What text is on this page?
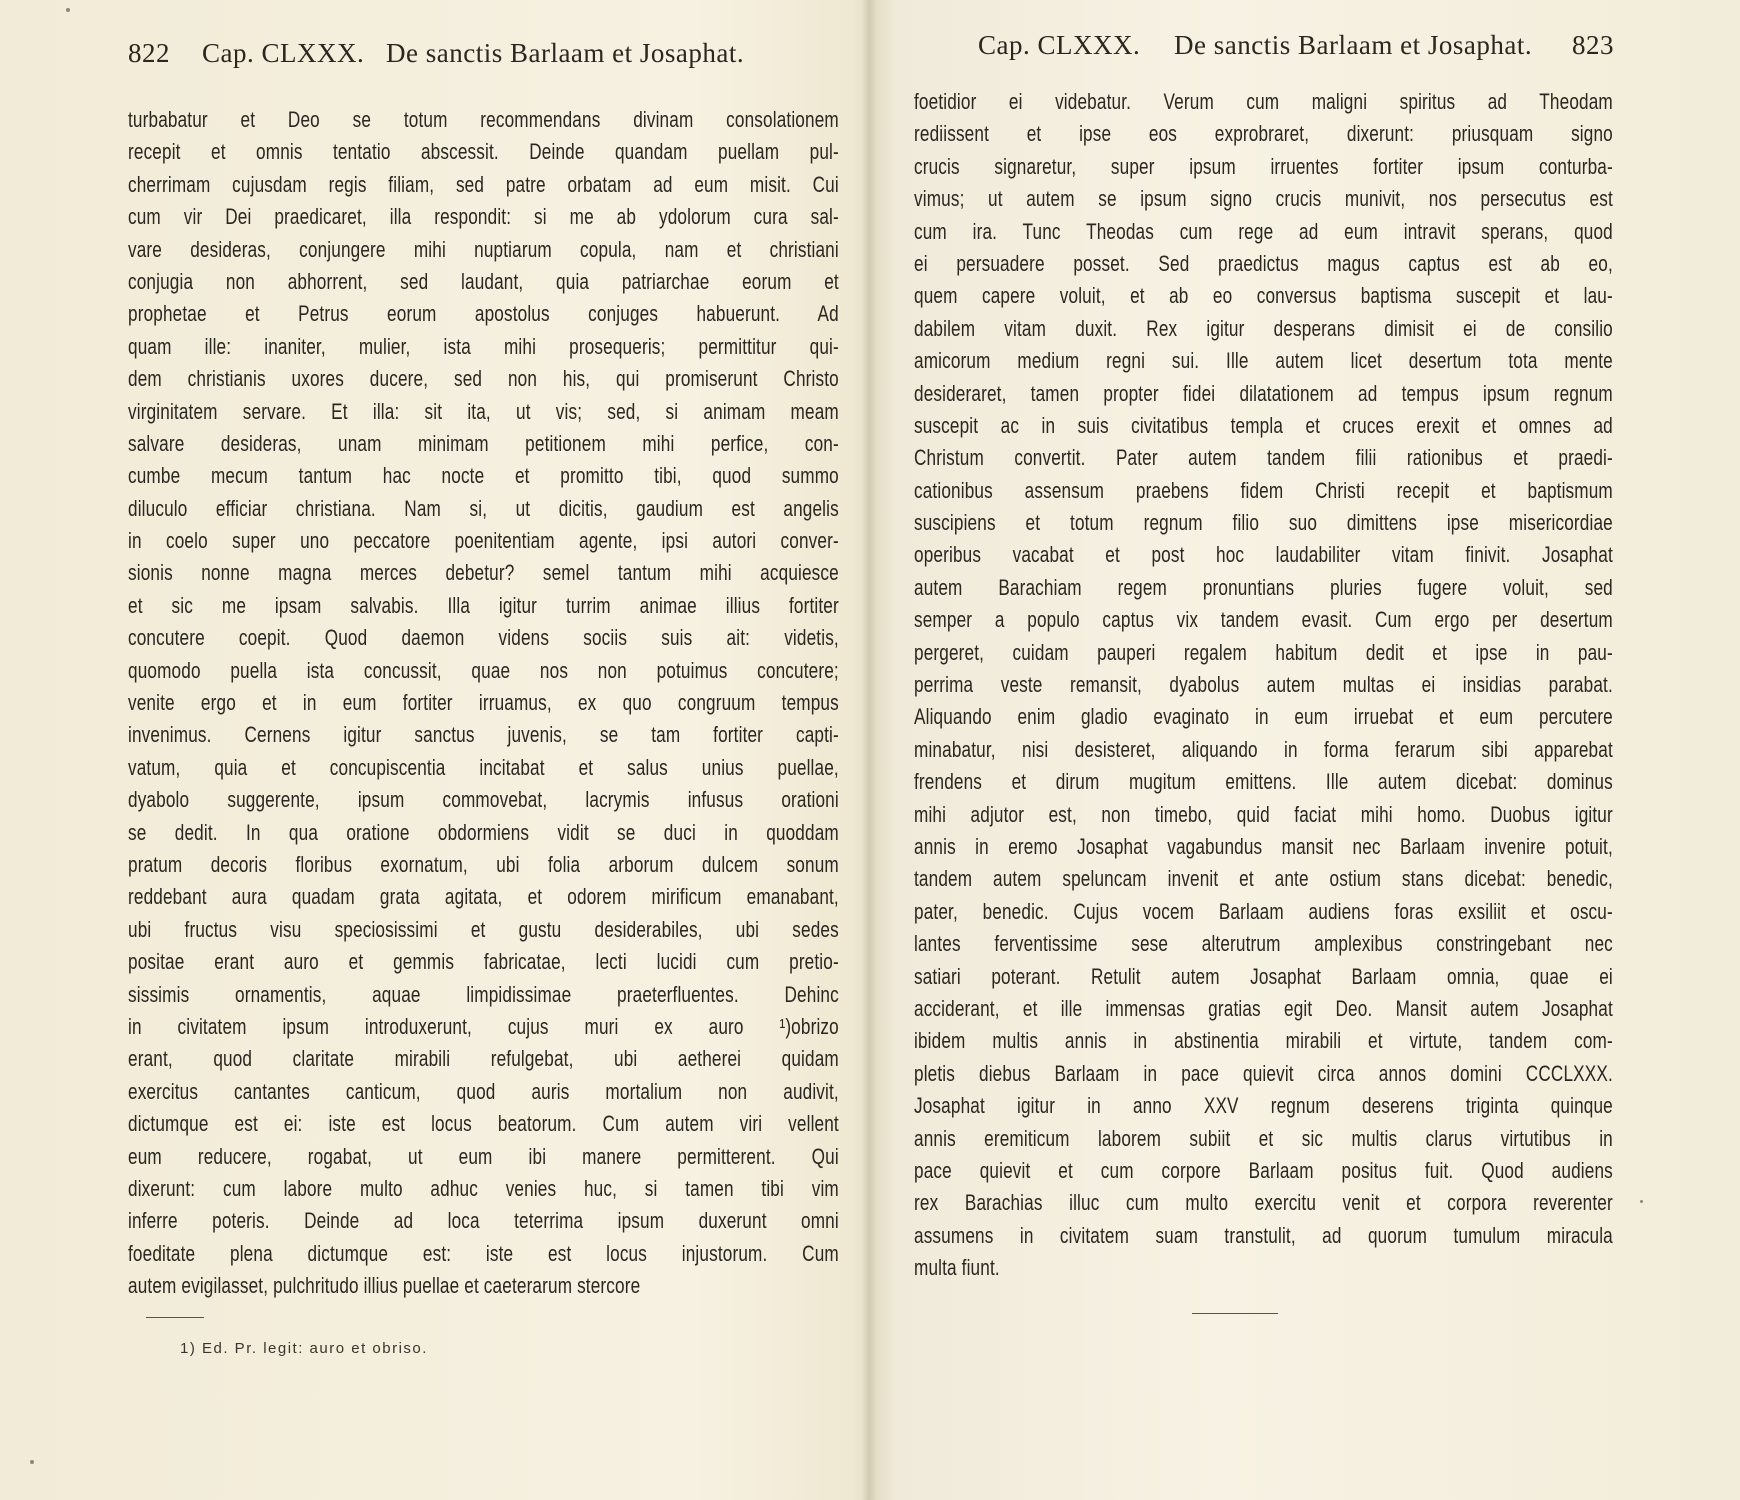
822 Cap. CLXXX. De sanctis Barlaam et Josaphat.
turbabatur et Deo se totum recommendans divinam consolationem
recepit et omnis tentatio abscessit. Deinde quandam puellam pul-
cherrimam cujusdam regis filiam, sed patre orbatam ad eum misit. Cui
cum vir Dei praedicaret, illa respondit: si me ab ydolorum cura sal-
vare desideras, conjungere mihi nuptiarum copula, nam et christiani
conjugia non abhorrent, sed laudant, quia patriarchae eorum et
prophetae et Petrus eorum apostolus conjuges habuerunt. Ad
quam ille: inaniter, mulier, ista mihi prosequeris; permittitur qui-
dem christianis uxores ducere, sed non his, qui promiserunt Christo
virginitatem servare. Et illa: sit ita, ut vis; sed, si animam meam
salvare desideras, unam minimam petitionem mihi perfice, con-
cumbe mecum tantum hac nocte et promitto tibi, quod summo
diluculo efficiar christiana. Nam si, ut dicitis, gaudium est angelis
in coelo super uno peccatore poenitentiam agente, ipsi autori conver-
sionis nonne magna merces debetur? semel tantum mihi acquiesce
et sic me ipsam salvabis. Illa igitur turrim animae illius fortiter
concutere coepit. Quod daemon videns sociis suis ait: videtis,
quomodo puella ista concussit, quae nos non potuimus concutere;
venite ergo et in eum fortiter irruamus, ex quo congruum tempus
invenimus. Cernens igitur sanctus juvenis, se tam fortiter capti-
vatum, quia et concupiscentia incitabat et salus unius puellae,
dyabolo suggerente, ipsum commovebat, lacrymis infusus orationi
se dedit. In qua oratione obdormiens vidit se duci in quoddam
pratum decoris floribus exornatum, ubi folia arborum dulcem sonum
reddebant aura quadam grata agitata, et odorem mirificum emanabant,
ubi fructus visu speciosissimi et gustu desiderabiles, ubi sedes
positae erant auro et gemmis fabricatae, lecti lucidi cum pretio-
sissimis ornamentis, aquae limpidissimae praeterfluentes. Dehinc
in civitatem ipsum introduxerunt, cujus muri ex auro ¹)obrizo
erant, quod claritate mirabili refulgebat, ubi aetherei quidam
exercitus cantantes canticum, quod auris mortalium non audivit,
dictumque est ei: iste est locus beatorum. Cum autem viri vellent
eum reducere, rogabat, ut eum ibi manere permitterent. Qui
dixerunt: cum labore multo adhuc venies huc, si tamen tibi vim
inferre poteris. Deinde ad loca teterrima ipsum duxerunt omni
foeditate plena dictumque est: iste est locus injustorum. Cum
autem evigilasset, pulchritudo illius puellae et caeterarum stercore
1) Ed. Pr. legit: auro et obriso.
Cap. CLXXX. De sanctis Barlaam et Josaphat. 823
foetidior ei videbatur. Verum cum maligni spiritus ad Theodam
rediissent et ipse eos exprobraret, dixerunt: priusquam signo
crucis signaretur, super ipsum irruentes fortiter ipsum conturba-
vimus; ut autem se ipsum signo crucis munivit, nos persecutus est
cum ira. Tunc Theodas cum rege ad eum intravit sperans, quod
ei persuadere posset. Sed praedictus magus captus est ab eo,
quem capere voluit, et ab eo conversus baptisma suscepit et lau-
dabilem vitam duxit. Rex igitur desperans dimisit ei de consilio
amicorum medium regni sui. Ille autem licet desertum tota mente
desideraret, tamen propter fidei dilatationem ad tempus ipsum regnum
suscepit ac in suis civitatibus templa et cruces erexit et omnes ad
Christum convertit. Pater autem tandem filii rationibus et praedi-
cationibus assensum praebens fidem Christi recepit et baptismum
suscipiens et totum regnum filio suo dimittens ipse misericordiae
operibus vacabat et post hoc laudabiliter vitam finivit. Josaphat
autem Barachiam regem pronuntians pluries fugere voluit, sed
semper a populo captus vix tandem evasit. Cum ergo per desertum
pergeret, cuidam pauperi regalem habitum dedit et ipse in pau-
perrima veste remansit, dyabolus autem multas ei insidias parabat.
Aliquando enim gladio evaginato in eum irruebat et eum percutere
minabatur, nisi desisteret, aliquando in forma ferarum sibi apparebat
frendens et dirum mugitum emittens. Ille autem dicebat: dominus
mihi adjutor est, non timebo, quid faciat mihi homo. Duobus igitur
annis in eremo Josaphat vagabundus mansit nec Barlaam invenire potuit,
tandem autem speluncam invenit et ante ostium stans dicebat: benedic,
pater, benedic. Cujus vocem Barlaam audiens foras exsiliit et oscu-
lantes ferventissime sese alterutrum amplexibus constringebant nec
satiari poterant. Retulit autem Josaphat Barlaam omnia, quae ei
acciderant, et ille immensas gratias egit Deo. Mansit autem Josaphat
ibidem multis annis in abstinentia mirabili et virtute, tandem com-
pletis diebus Barlaam in pace quievit circa annos domini CCCLXXX.
Josaphat igitur in anno XXV regnum deserens triginta quinque
annis eremiticum laborem subiit et sic multis clarus virtutibus in
pace quievit et cum corpore Barlaam positus fuit. Quod audiens
rex Barachias illuc cum multo exercitu venit et corpora reverenter
assumens in civitatem suam transtulit, ad quorum tumulum miracula
multa fiunt.
